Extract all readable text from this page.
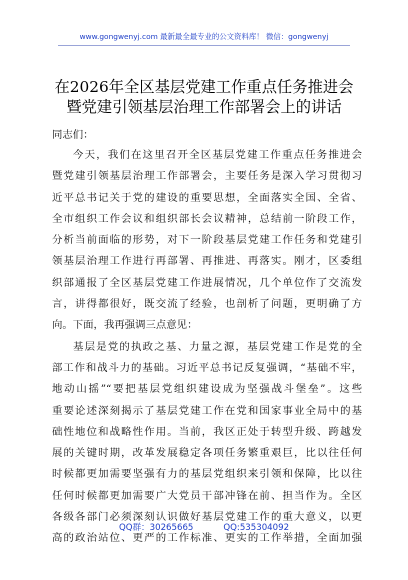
www.gongwenyj.com 最新最全最专业的公文资料库！ 微信：gongwenyj
在2026年全区基层党建工作重点任务推进会
暨党建引领基层治理工作部署会上的讲话
同志们：
今天，我们在这里召开全区基层党建工作重点任务推进会
暨党建引领基层治理工作部署会，主要任务是深入学习贯彻习
近平总书记关于党的建设的重要思想，全面落实全国、全省、
全市组织工作会议和组织部长会议精神，总结前一阶段工作，
分析当前面临的形势，对下一阶段基层党建工作任务和党建引
领基层治理工作进行再部署、再推进、再落实。刚才，区委组
织部通报了全区基层党建工作进展情况，几个单位作了交流发
言，讲得都很好，既交流了经验，也剖析了问题，更明确了方
向。下面，我再强调三点意见：
基层是党的执政之基、力量之源，基层党建工作是党的全
部工作和战斗力的基础。习近平总书记反复强调，“基础不牢，
地动山摇”“要把基层党组织建设成为坚强战斗堡垒”。这些
重要论述深刻揭示了基层党建工作在党和国家事业全局中的基
础性地位和战略性作用。当前，我区正处于转型升级、跨越发
展的关键时期，改革发展稳定各项任务繁重艰巨，比以往任何
时候都更加需要坚强有力的基层党组织来引领和保障，比以往
任何时候都更加需要广大党员干部冲锋在前、担当作为。全区
各级各部门必须深刻认识做好基层党建工作的重大意义，以更
高的政治站位、更严的工作标准、更实的工作举措，全面加强
QQ群：30265665	QQ:535304092
